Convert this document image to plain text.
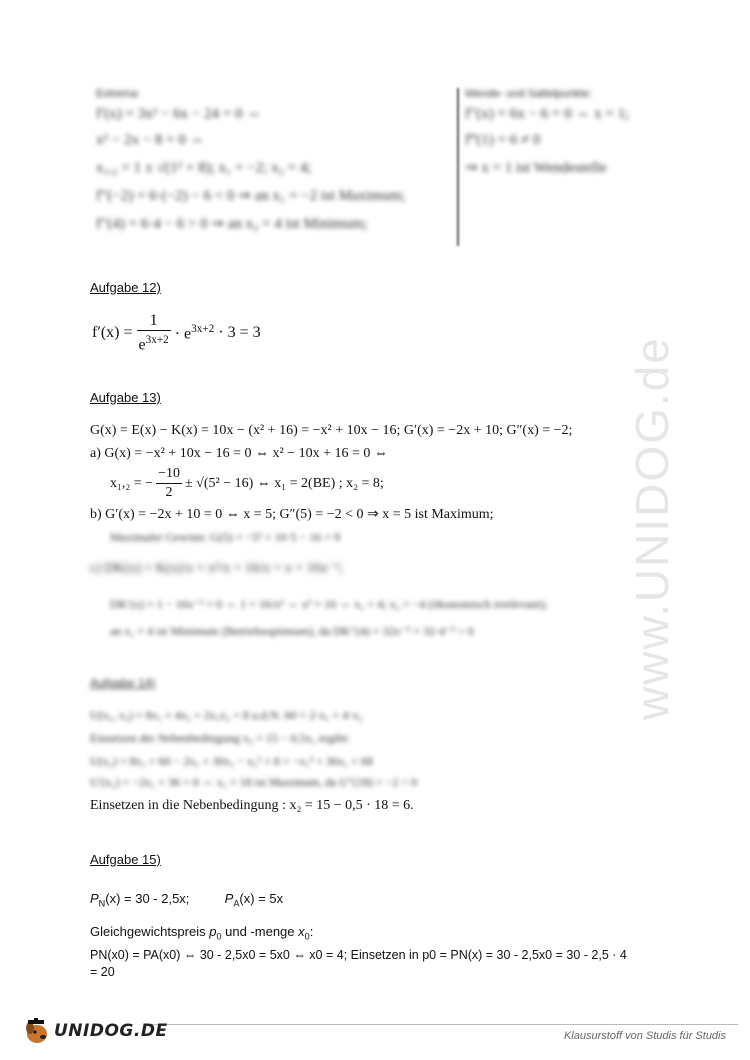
www.UNIDOG.de
Extrema:
f′(x) = 3x² − 6x − 24 = 0 ⇔
x² − 2x − 8 = 0 ⇔
x₁,₂ = 1 ± √(1² + 8); x₁ = −2; x₂ = 4;
f″(−2) = 6·(−2) − 6 < 0 ⇒ an x₁ = −2 ist Maximum;
f″(4) = 6·4 − 6 > 0 ⇒ an x₂ = 4 ist Minimum;
Wende- und Sattelpunkte:
f″(x) = 6x − 6 = 0 ⇔ x = 1;
f‴(1) = 6 ≠ 0
⇒ x = 1 ist Wendestelle
Aufgabe 12)
$f'(x) = \frac{1}{e^{3x+2}} \cdot e^{3x+2} \cdot 3 = 3$
Aufgabe 13)
G(x) = E(x) − K(x) = 10x − (x² + 16) = −x² + 10x − 16; G′(x) = −2x + 10; G″(x) = −2;
a) G(x) = −x² + 10x − 16 = 0 ⇔ x² − 10x + 16 = 0 ⇔
x₁,₂ = − $\frac{-10}{2} \pm √(5^2 - 16)$ ⇔ x₁ = 2(BE) ; x₂ = 8;
b) G′(x) = −2x + 10 = 0 ⇔ x = 5; G″(5) = −2 < 0 ⇒ x = 5 ist Maximum;
Maximaler Gewinn: G(5) = −5² + 10·5 − 16 = 9
c) DK(x) = K(x)/x = x²/x + 16/x = x + 16x⁻¹;
DK′(x) = 1 − 16x⁻² = 0 ⇔ 1 = 16/x² ⇔ x² = 16 ⇔ x₁ = 4; x₂ = −4 (ökonomisch irrelevant);
an x₁ = 4 ist Minimum (Betriebsoptimum), da DK″(4) = 32x⁻³ = 32·4⁻³ > 0
Aufgabe 14)
U(x₁, x₂) = 8x₁ + 4x₂ + 2x₁x₂ + 8 u.d.N. 60 = 2·x₁ + 4·x₂
Einsetzen der Nebenbedingung x₂ = 15 − 0,5x₁ ergibt:
U(x₁) = 8x₁ + 60 − 2x₁ + 30x₁ − x₁² + 8 = −x₁² + 36x₁ + 68
U′(x₁) = −2x₁ + 36 = 0 ⇔ x₁ = 18 ist Maximum, da U″(18) = −2 < 0
Einsetzen in die Nebenbedingung : x₂ = 15 − 0,5 · 18 = 6.
Aufgabe 15)
$P_N(x) = 30 - 2,5x$;	$P_A(x) = 5x$
Gleichgewichtspreis $p_0$ und -menge $x_0$:
PN(x0) = PA(x0) ⇔ 30 - 2,5x0 = 5x0 ⇔ x0 = 4; Einsetzen in p0 = PN(x) = 30 - 2,5x0 = 30 - 2,5 · 4
= 20
UNIDOG.DE	Klausurstoff von Studis für Studis
